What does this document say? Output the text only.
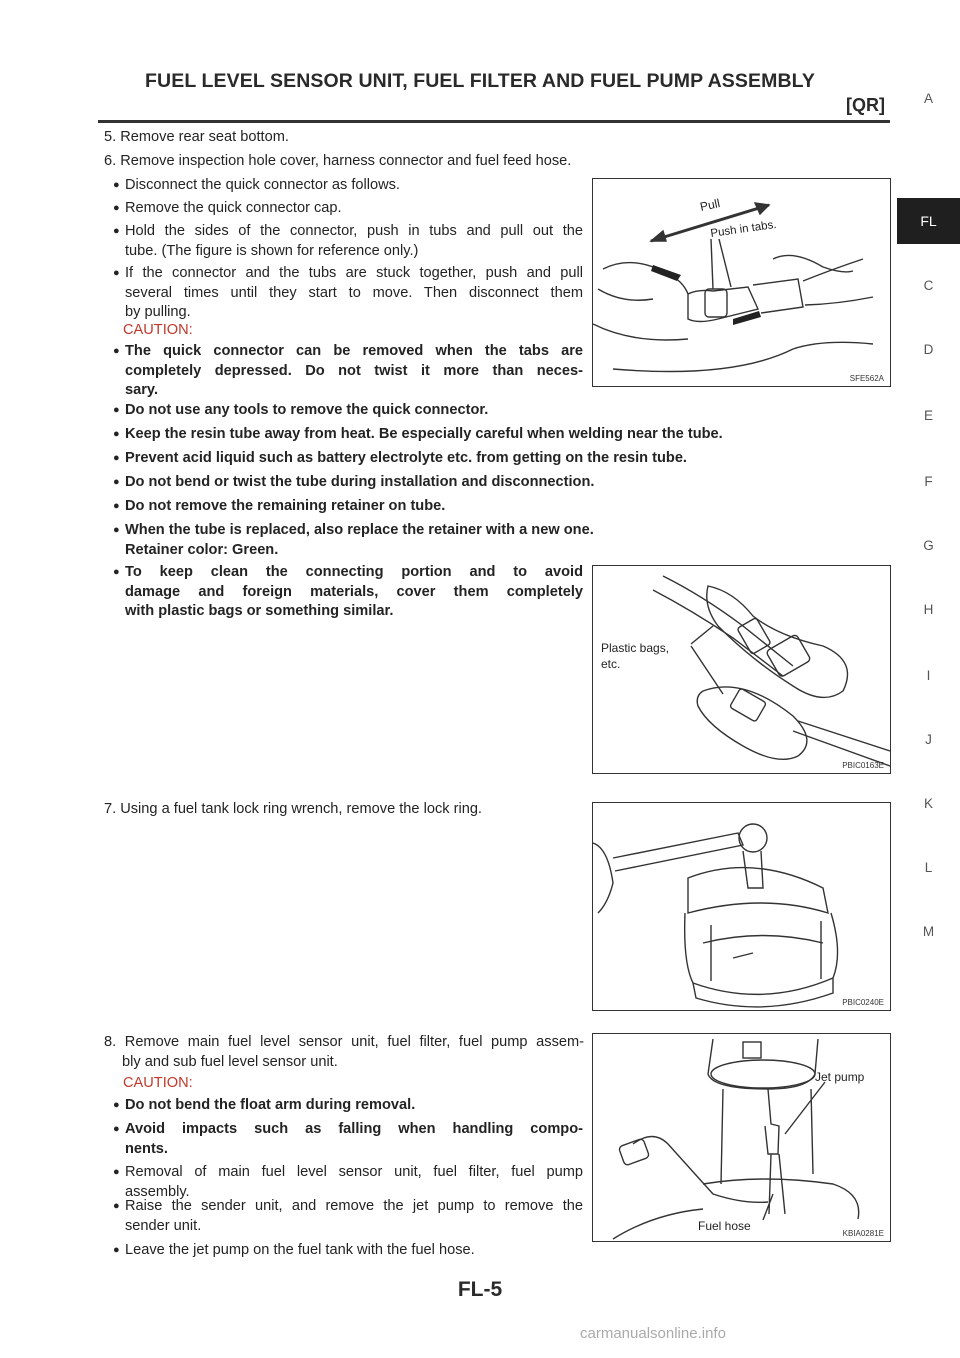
FUEL LEVEL SENSOR UNIT, FUEL FILTER AND FUEL PUMP ASSEMBLY
[QR]	A
FL
C
D
E
F
G
H
I
J
K
L
M
5. Remove rear seat bottom.
6. Remove inspection hole cover, harness connector and fuel feed hose.
● Disconnect the quick connector as follows.
● Remove the quick connector cap.
● Hold the sides of the connector, push in tubs and pull out the
tube. (The figure is shown for reference only.)
● If the connector and the tubs are stuck together, push and pull
several times until they start to move. Then disconnect them
by pulling.
CAUTION:
● The quick connector can be removed when the tabs are
completely depressed. Do not twist it more than neces-
sary.
● Do not use any tools to remove the quick connector.
● Keep the resin tube away from heat. Be especially careful when welding near the tube.
● Prevent acid liquid such as battery electrolyte etc. from getting on the resin tube.
● Do not bend or twist the tube during installation and disconnection.
● Do not remove the remaining retainer on tube.
● When the tube is replaced, also replace the retainer with a new one.
Retainer color: Green.
● To keep clean the connecting portion and to avoid
damage and foreign materials, cover them completely
with plastic bags or something similar.
7. Using a fuel tank lock ring wrench, remove the lock ring.
8. Remove main fuel level sensor unit, fuel filter, fuel pump assem-
bly and sub fuel level sensor unit.
CAUTION:
● Do not bend the float arm during removal.
● Avoid impacts such as falling when handling compo-
nents.
● Removal of main fuel level sensor unit, fuel filter, fuel pump
assembly.
● Raise the sender unit, and remove the jet pump to remove the
sender unit.
● Leave the jet pump on the fuel tank with the fuel hose.
Pull
Push in tabs.
SFE562A
Plastic bags,
etc.
PBIC0163E
PBIC0240E
Jet pump
Fuel hose
KBIA0281E
FL-5
carmanualsonline.info
